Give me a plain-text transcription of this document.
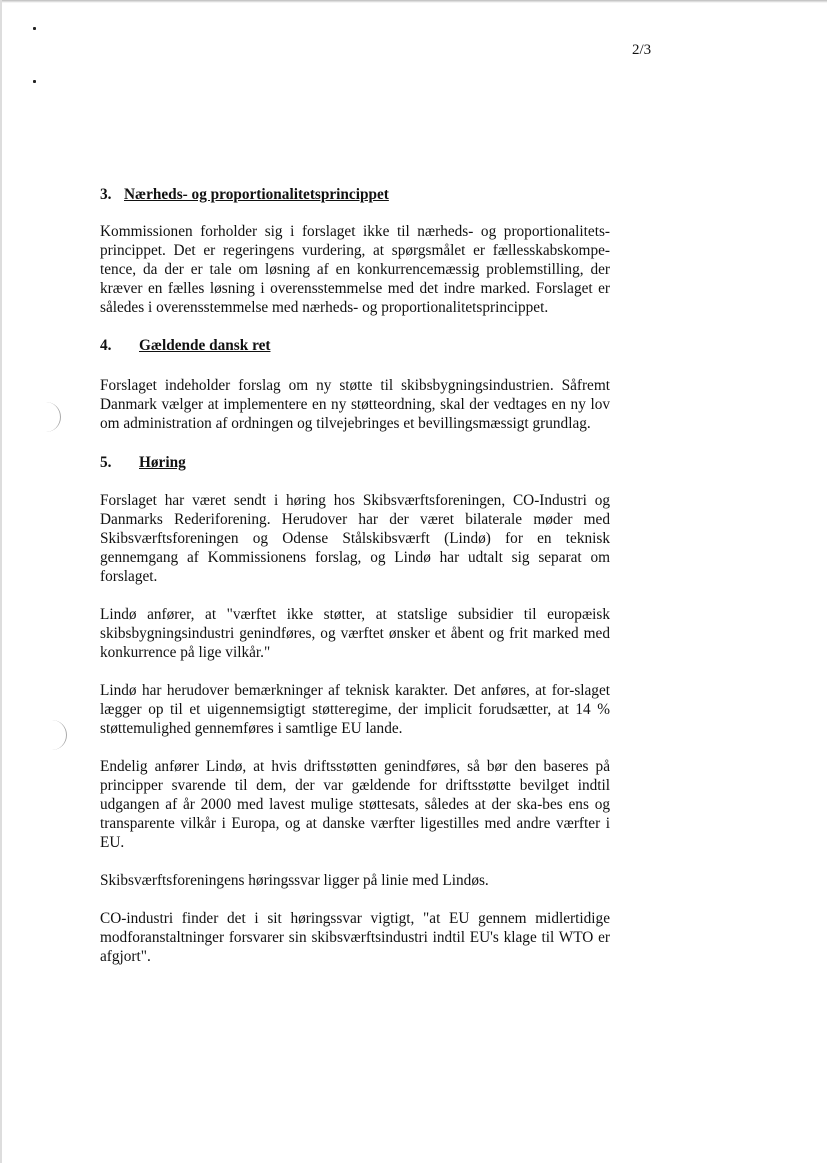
2/3
3. Nærheds- og proportionalitetsprincippet

Kommissionen forholder sig i forslaget ikke til nærheds- og proportionalitets-princippet. Det er regeringens vurdering, at spørgsmålet er fællesskabskompe-tence, da der er tale om løsning af en konkurrencemæssig problemstilling, der kræver en fælles løsning i overensstemmelse med det indre marked. Forslaget er således i overensstemmelse med nærheds- og proportionalitetsprincippet.

4.	Gældende dansk ret

Forslaget indeholder forslag om ny støtte til skibsbygningsindustrien. Såfremt Danmark vælger at implementere en ny støtteordning, skal der vedtages en ny lov om administration af ordningen og tilvejebringes et bevillingsmæssigt grundlag.

5.	Høring

Forslaget har været sendt i høring hos Skibsværftsforeningen, CO-Industri og Danmarks Rederiforening. Herudover har der været bilaterale møder med Skibsværftsforeningen og Odense Stålskibsværft (Lindø) for en teknisk gennemgang af Kommissionens forslag, og Lindø har udtalt sig separat om forslaget.

Lindø anfører, at "værftet ikke støtter, at statslige subsidier til europæisk skibsbygningsindustri genindføres, og værftet ønsker et åbent og frit marked med konkurrence på lige vilkår."

Lindø har herudover bemærkninger af teknisk karakter. Det anføres, at for-slaget lægger op til et uigennemsigtigt støtteregime, der implicit forudsætter, at 14 % støttemulighed gennemføres i samtlige EU lande.

Endelig anfører Lindø, at hvis driftsstøtten genindføres, så bør den baseres på principper svarende til dem, der var gældende for driftsstøtte bevilget indtil udgangen af år 2000 med lavest mulige støttesats, således at der ska-bes ens og transparente vilkår i Europa, og at danske værfter ligestilles med andre værfter i EU.

Skibsværftsforeningens høringssvar ligger på linie med Lindøs.

CO-industri finder det i sit høringssvar vigtigt, "at EU gennem midlertidige modforanstaltninger forsvarer sin skibsværftsindustri indtil EU's klage til WTO er afgjort".
